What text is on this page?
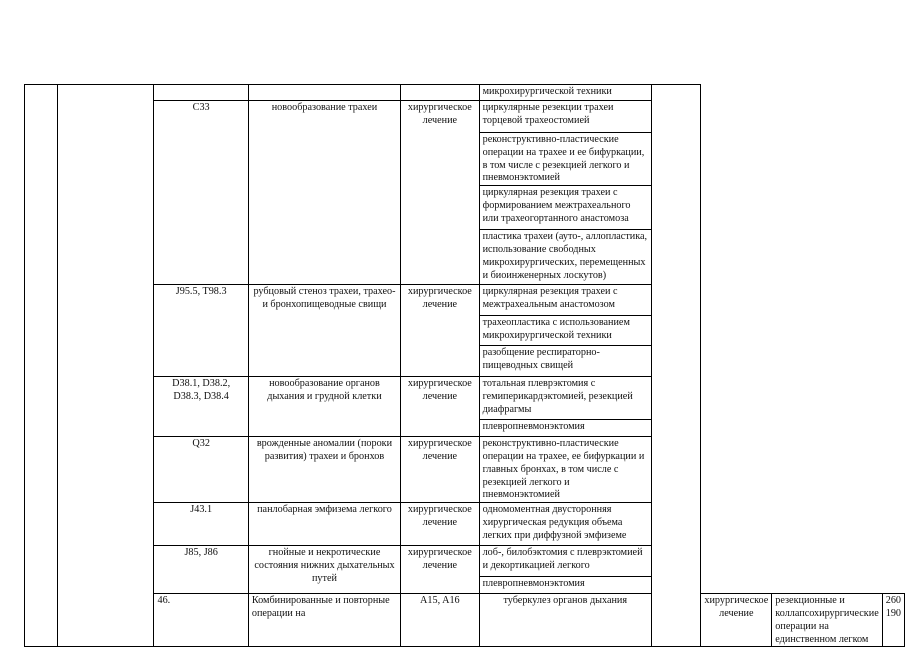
					микрохирургической техники				
		C33	новообразование трахеи	хирургическое лечение	циркулярные резекции трахеи торцевой трахеостомией				
					реконструктивно-пластические операции на трахее и ее бифуркации, в том числе с резекцией легкого и пневмонэктомией				
					циркулярная резекция трахеи с формированием межтрахеального или трахеогортанного анастомоза				
					пластика трахеи (ауто-, аллопластика, использование свободных микрохирургических, перемещенных и биоинженерных лоскутов)				
		J95.5, T98.3	рубцовый стеноз трахеи, трахео- и бронхопищеводные свищи	хирургическое лечение	циркулярная резекция трахеи с межтрахеальным анастомозом				
					трахеопластика с использованием микрохирургической техники				
					разобщение респираторно-пищеводных свищей				
		D38.1, D38.2, D38.3, D38.4	новообразование органов дыхания и грудной клетки	хирургическое лечение	тотальная плеврэктомия с гемиперикардэктомией, резекцией диафрагмы				
					плевропневмонэктомия				
		Q32	врожденные аномалии (пороки развития) трахеи и бронхов	хирургическое лечение	реконструктивно-пластические операции на трахее, ее бифуркации и главных бронхах, в том числе с резекцией легкого и пневмонэктомией				
		J43.1	панлобарная эмфизема легкого	хирургическое лечение	одномоментная двусторонняя хирургическая редукция объема легких при диффузной эмфиземе				
		J85, J86	гнойные и некротические состояния нижних дыхательных путей	хирургическое лечение	лоб-, билобэктомия с плеврэктомией и декортикацией легкого				
					плевропневмонэктомия				
		46.	Комбинированные и повторные операции на	A15, A16	туберкулез органов дыхания		хирургическое лечение	резекционные и коллапсохирургические операции на единственном легком	260 190
